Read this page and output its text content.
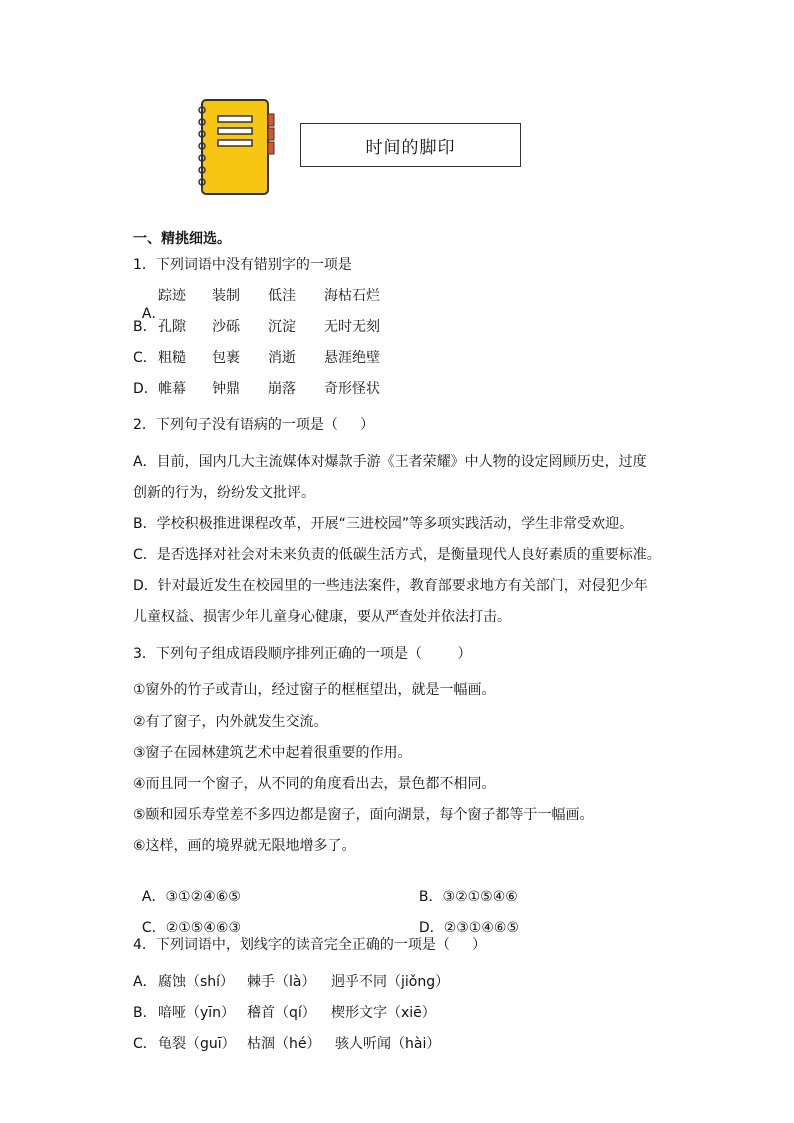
时间的脚印
一、精挑细选。
1．下列词语中没有错别字的一项是

A．

装制 低洼 海枯石烂
踪迹
B． 孔隙 沙砾 沉淀 无时无刻
C． 粗糙 包裹 消逝 悬涯绝壁
D． 帷幕 钟鼎 崩落 奇形怪状
2．下列句子没有语病的一项是（     ）
A．目前，国内几大主流媒体对爆款手游《王者荣耀》中人物的设定罔顾历史，过度
创新的行为，纷纷发文批评。
B．学校积极推进课程改革，开展“三进校园”等多项实践活动，学生非常受欢迎。
C．是否选择对社会对未来负责的低碳生活方式，是衡量现代人良好素质的重要标准。
D．针对最近发生在校园里的一些违法案件，教育部要求地方有关部门，对侵犯少年
儿童权益、损害少年儿童身心健康，要从严查处并依法打击。
3．下列句子组成语段顺序排列正确的一项是（        ）
①窗外的竹子或青山，经过窗子的框框望出，就是一幅画。
②有了窗子，内外就发生交流。
③窗子在园林建筑艺术中起着很重要的作用。
④而且同一个窗子，从不同的角度看出去，景色都不相同。
⑤颐和园乐寿堂差不多四边都是窗子，面向湖景，每个窗子都等于一幅画。
⑥这样，画的境界就无限地增多了。

A．③①②④⑥⑤	B．③②①⑤④⑥

C．②①⑤④⑥③	D．②③①④⑥⑤

4．下列词语中，划线字的读音完全正确的一项是（     ）
A． 腐蚀（shí） 棘手（là） 迥乎不同（jiǒng）
B． 喑哑（yīn） 稽首（qí） 楔形文字（xiē）
C． 龟裂（guī） 枯涸（hé） 骇人听闻（hài）
